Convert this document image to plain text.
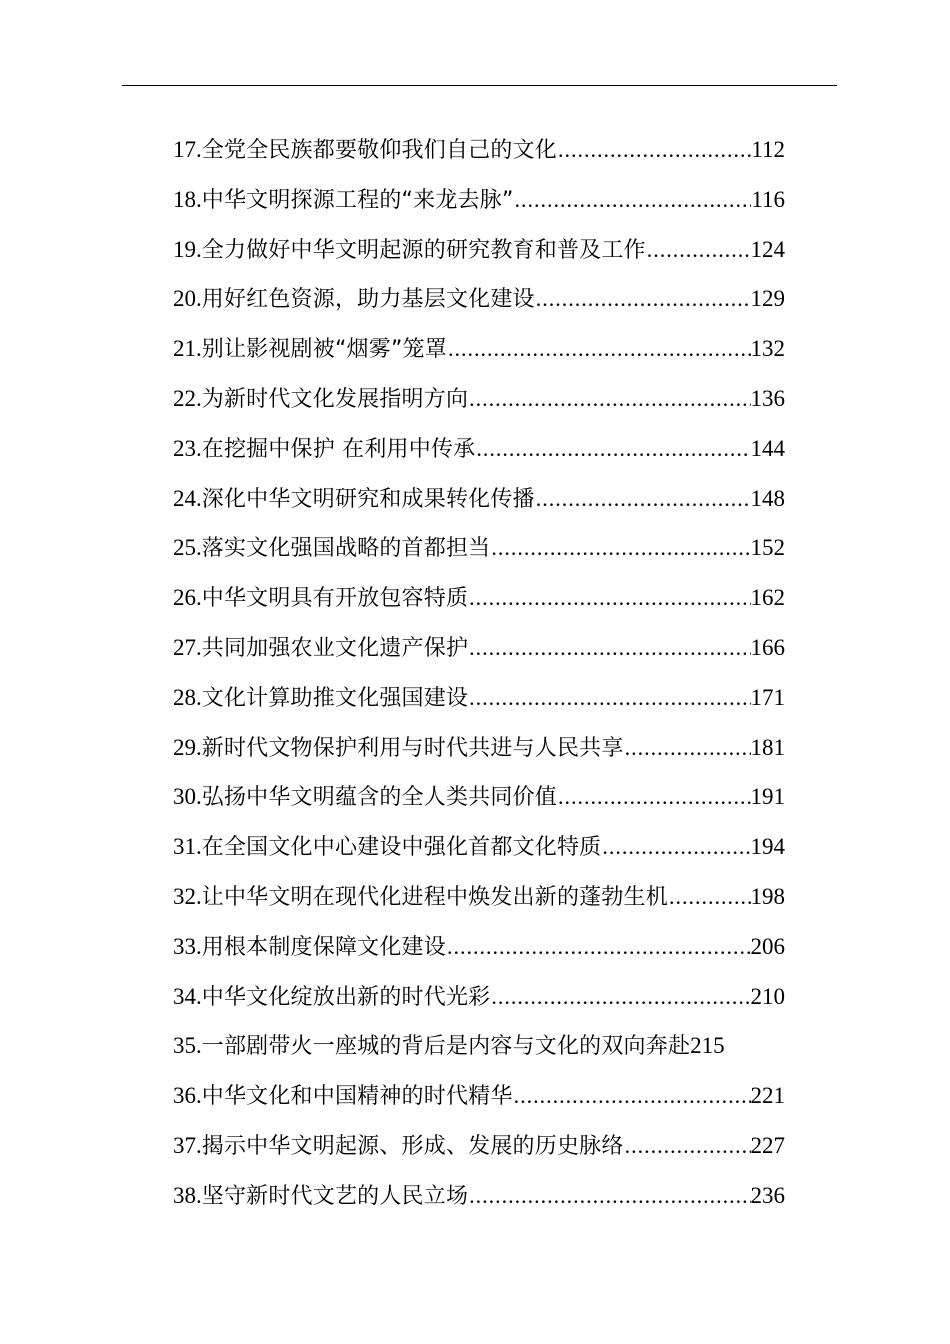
17. 全党全民族都要敬仰我们自己的文化 .....	112
18. 中华文明探源工程的“来龙去脉” .....	116
19. 全力做好中华文明起源的研究教育和普及工作 .....	124
20. 用好红色资源，助力基层文化建设 .....	129
21. 别让影视剧被“烟雾”笼罩 .....	132
22. 为新时代文化发展指明方向 .....	136
23. 在挖掘中保护 在利用中传承 .....	144
24. 深化中华文明研究和成果转化传播 .....	148
25. 落实文化强国战略的首都担当 .....	152
26. 中华文明具有开放包容特质 .....	162
27. 共同加强农业文化遗产保护 .....	166
28. 文化计算助推文化强国建设 .....	171
29. 新时代文物保护利用与时代共进与人民共享 .....	181
30. 弘扬中华文明蕴含的全人类共同价值 .....	191
31. 在全国文化中心建设中强化首都文化特质 .....	194
32. 让中华文明在现代化进程中焕发出新的蓬勃生机 .....	198
33. 用根本制度保障文化建设 .....	206
34. 中华文化绽放出新的时代光彩 .....	210
35. 一部剧带火一座城的背后是内容与文化的双向奔赴 215
36. 中华文化和中国精神的时代精华 .....	221
37. 揭示中华文明起源、形成、发展的历史脉络 .....	227
38. 坚守新时代文艺的人民立场 .....	236
